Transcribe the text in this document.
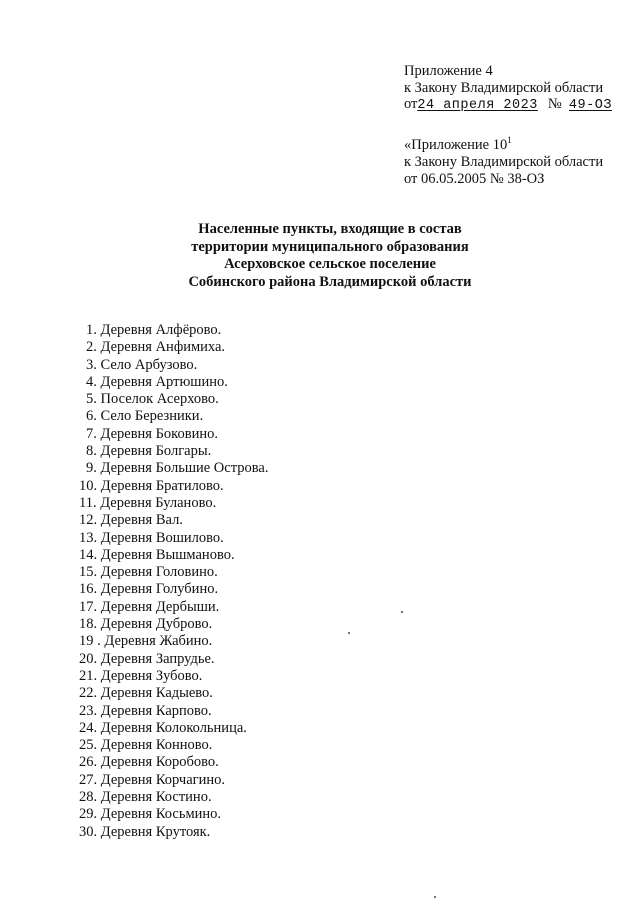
Приложение 4
к Закону Владимирской области
от24 апреля 2023 № 49-ОЗ
«Приложение $10^1$
к Закону Владимирской области
от 06.05.2005 № 38-ОЗ
Населенные пункты, входящие в состав
территории муниципального образования
Асерховское сельское поселение
Собинского района Владимирской области
1. Деревня Алфёрово.
2. Деревня Анфимиха.
3. Село Арбузово.
4. Деревня Артюшино.
5. Поселок Асерхово.
6. Село Березники.
7. Деревня Боковино.
8. Деревня Болгары.
9. Деревня Большие Острова.
10. Деревня Братилово.
11. Деревня Буланово.
12. Деревня Вал.
13. Деревня Вошилово.
14. Деревня Вышманово.
15. Деревня Головино.
16. Деревня Голубино.
17. Деревня Дербыши.
18. Деревня Дуброво.
19 . Деревня Жабино.
20. Деревня Запрудье.
21. Деревня Зубово.
22. Деревня Кадыево.
23. Деревня Карпово.
24. Деревня Колокольница.
25. Деревня Конново.
26. Деревня Коробово.
27. Деревня Корчагино.
28. Деревня Костино.
29. Деревня Косьмино.
30. Деревня Крутояк.
